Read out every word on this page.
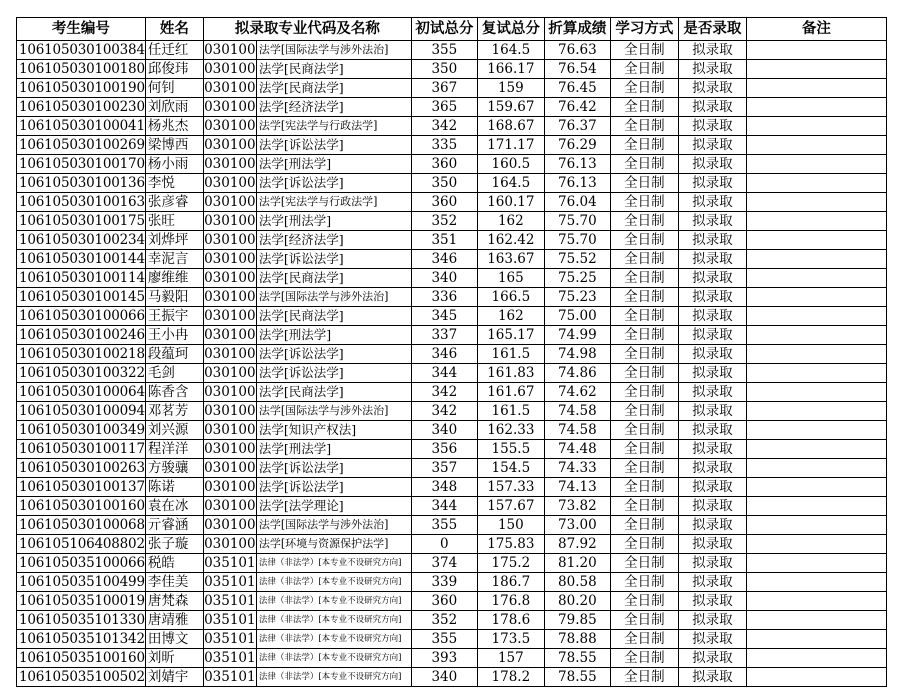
考生编号	姓名	拟录取专业代码及名称		初试总分	复试总分	折算成绩	学习方式	是否录取	备注
106105030100384	任迁红	030100	法学[国际法学与涉外法治]	355	164.5	76.63	全日制	拟录取	
106105030100180	邱俊玮	030100	法学[民商法学]	350	166.17	76.54	全日制	拟录取	
106105030100190	何钊	030100	法学[民商法学]	367	159	76.45	全日制	拟录取	
106105030100230	刘欣雨	030100	法学[经济法学]	365	159.67	76.42	全日制	拟录取	
106105030100041	杨兆杰	030100	法学[宪法学与行政法学]	342	168.67	76.37	全日制	拟录取	
106105030100269	梁博西	030100	法学[诉讼法学]	335	171.17	76.29	全日制	拟录取	
106105030100170	杨小雨	030100	法学[刑法学]	360	160.5	76.13	全日制	拟录取	
106105030100136	李悦	030100	法学[诉讼法学]	350	164.5	76.13	全日制	拟录取	
106105030100163	张彦睿	030100	法学[宪法学与行政法学]	360	160.17	76.04	全日制	拟录取	
106105030100175	张旺	030100	法学[刑法学]	352	162	75.70	全日制	拟录取	
106105030100234	刘烨坪	030100	法学[经济法学]	351	162.42	75.70	全日制	拟录取	
106105030100144	幸泥言	030100	法学[诉讼法学]	346	163.67	75.52	全日制	拟录取	
106105030100114	廖维维	030100	法学[民商法学]	340	165	75.25	全日制	拟录取	
106105030100145	马毅阳	030100	法学[国际法学与涉外法治]	336	166.5	75.23	全日制	拟录取	
106105030100066	王振宇	030100	法学[民商法学]	345	162	75.00	全日制	拟录取	
106105030100246	王小冉	030100	法学[刑法学]	337	165.17	74.99	全日制	拟录取	
106105030100218	段蕴珂	030100	法学[诉讼法学]	346	161.5	74.98	全日制	拟录取	
106105030100322	毛剑	030100	法学[诉讼法学]	344	161.83	74.86	全日制	拟录取	
106105030100064	陈香含	030100	法学[民商法学]	342	161.67	74.62	全日制	拟录取	
106105030100094	邓茗芳	030100	法学[国际法学与涉外法治]	342	161.5	74.58	全日制	拟录取	
106105030100349	刘兴源	030100	法学[知识产权法]	340	162.33	74.58	全日制	拟录取	
106105030100117	程洋洋	030100	法学[刑法学]	356	155.5	74.48	全日制	拟录取	
106105030100263	方骏骧	030100	法学[诉讼法学]	357	154.5	74.33	全日制	拟录取	
106105030100137	陈诺	030100	法学[诉讼法学]	348	157.33	74.13	全日制	拟录取	
106105030100160	袁在冰	030100	法学[法学理论]	344	157.67	73.82	全日制	拟录取	
106105030100068	亓睿涵	030100	法学[国际法学与涉外法治]	355	150	73.00	全日制	拟录取	
106105106408802	张子璇	030100	法学[环境与资源保护法学]	0	175.83	87.92	全日制	拟录取	
106105035100066	税皓	035101	法律（非法学）[本专业不设研究方向]	374	175.2	81.20	全日制	拟录取	
106105035100499	李佳美	035101	法律（非法学）[本专业不设研究方向]	339	186.7	80.58	全日制	拟录取	
106105035100019	唐梵森	035101	法律（非法学）[本专业不设研究方向]	360	176.8	80.20	全日制	拟录取	
106105035101330	唐靖雅	035101	法律（非法学）[本专业不设研究方向]	352	178.6	79.85	全日制	拟录取	
106105035101342	田博文	035101	法律（非法学）[本专业不设研究方向]	355	173.5	78.88	全日制	拟录取	
106105035100160	刘昕	035101	法律（非法学）[本专业不设研究方向]	393	157	78.55	全日制	拟录取	
106105035100502	刘婧宇	035101	法律（非法学）[本专业不设研究方向]	340	178.2	78.55	全日制	拟录取	
